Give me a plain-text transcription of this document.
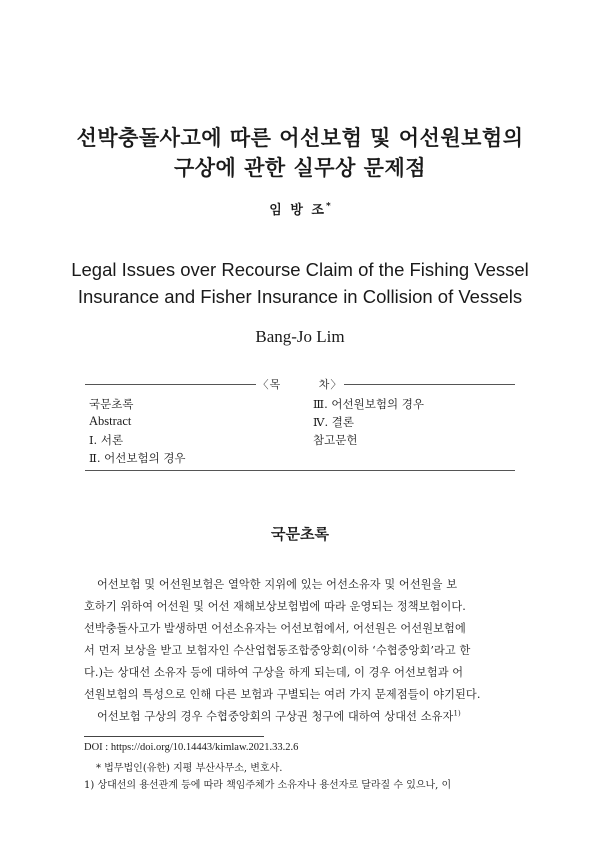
선박충돌사고에 따른 어선보험 및 어선원보험의
구상에 관한 실무상 문제점
임 방 조*
Legal Issues over Recourse Claim of the Fishing Vessel
Insurance and Fisher Insurance in Collision of Vessels
Bang-Jo Lim
〈목 　 　 차〉
국문초록
Abstract
Ⅰ. 서론
Ⅱ. 어선보험의 경우
Ⅲ. 어선원보험의 경우
Ⅳ. 결론
참고문헌
국문초록
어선보험 및 어선원보험은 열악한 지위에 있는 어선소유자 및 어선원을 보
호하기 위하여 어선원 및 어선 재해보상보험법에 따라 운영되는 정책보험이다.
선박충돌사고가 발생하면 어선소유자는 어선보험에서, 어선원은 어선원보험에
서 먼저 보상을 받고 보험자인 수산업협동조합중앙회(이하 ‘수협중앙회’라고 한
다.)는 상대선 소유자 등에 대하여 구상을 하게 되는데, 이 경우 어선보험과 어
선원보험의 특성으로 인해 다른 보험과 구별되는 여러 가지 문제점들이 야기된다.
어선보험 구상의 경우 수협중앙회의 구상권 청구에 대하여 상대선 소유자$^{1)}$
DOI : https://doi.org/10.14443/kimlaw.2021.33.2.6
* 법무법인(유한) 지평 부산사무소, 변호사.
1) 상대선의 용선관계 등에 따라 책임주체가 소유자나 용선자로 달라질 수 있으나, 이
